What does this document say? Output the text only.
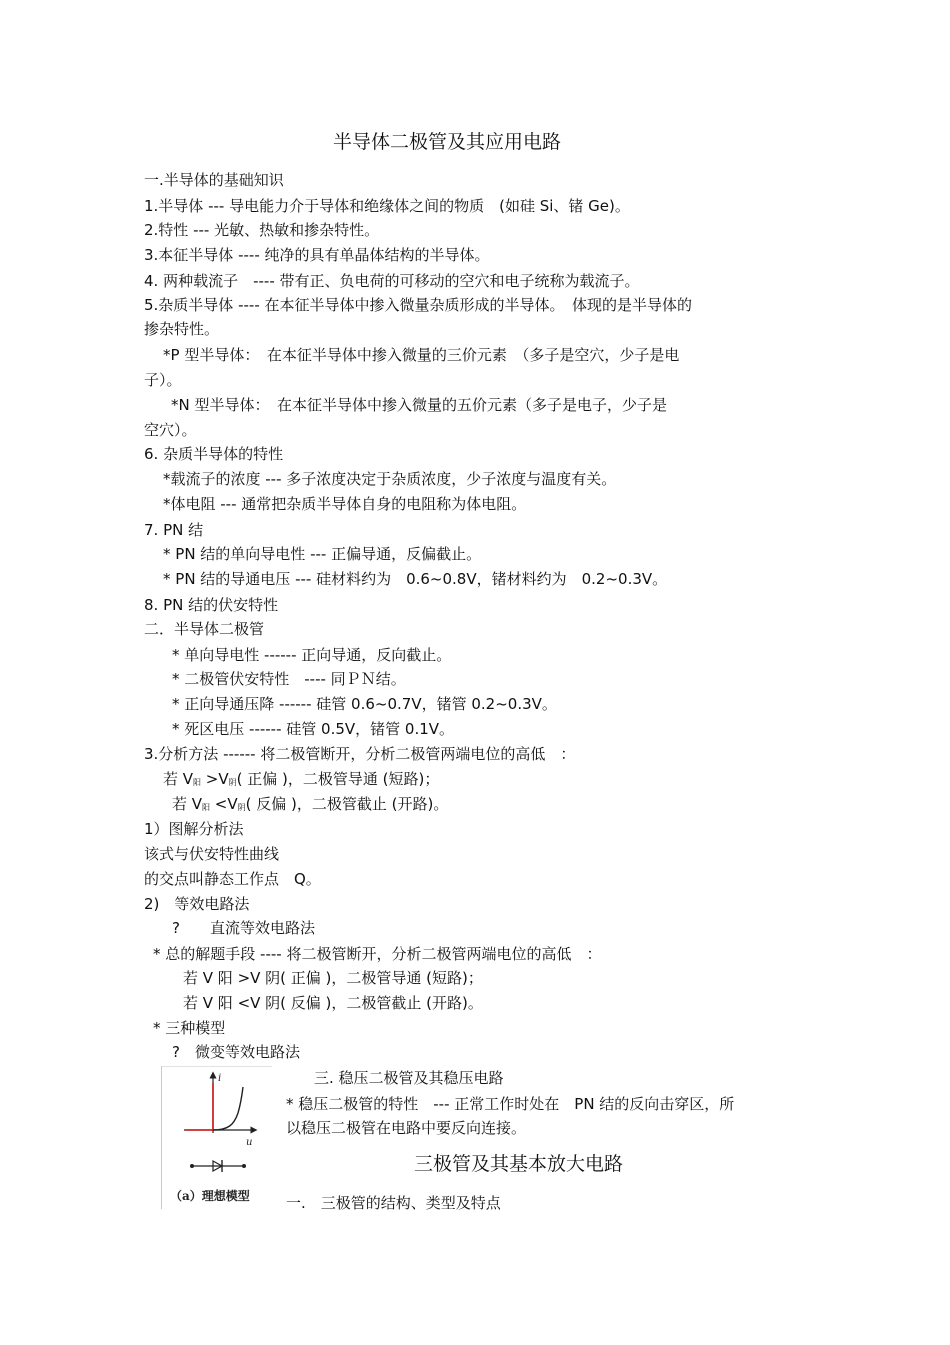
半导体二极管及其应用电路
一.半导体的基础知识
1.半导体 --- 导电能力介于导体和绝缘体之间的物质　(如硅 Si、锗 Ge)。
2.特性 --- 光敏、热敏和掺杂特性。
3.本征半导体 ---- 纯净的具有单晶体结构的半导体。
4. 两种载流子　---- 带有正、负电荷的可移动的空穴和电子统称为载流子。
5.杂质半导体 ---- 在本征半导体中掺入微量杂质形成的半导体。　体现的是半导体的
掺杂特性。
*P 型半导体：　在本征半导体中掺入微量的三价元素　（多子是空穴，少子是电
子）。
*N 型半导体：　在本征半导体中掺入微量的五价元素（多子是电子，少子是
空穴）。
6. 杂质半导体的特性
*载流子的浓度 --- 多子浓度决定于杂质浓度，少子浓度与温度有关。
*体电阻 --- 通常把杂质半导体自身的电阻称为体电阻。
7. PN 结
* PN 结的单向导电性 --- 正偏导通，反偏截止。
* PN 结的导通电压 --- 硅材料约为　0.6~0.8V，锗材料约为　0.2~0.3V。
8. PN 结的伏安特性
二．半导体二极管
* 单向导电性 ------ 正向导通，反向截止。
* 二极管伏安特性　---- 同ＰＮ结。
* 正向导通压降 ------ 硅管 0.6~0.7V，锗管 0.2~0.3V。
* 死区电压 ------ 硅管 0.5V，锗管 0.1V。
3.分析方法 ------ 将二极管断开，分析二极管两端电位的高低　：
若 $V_阳 >V_阴$( 正偏 )，二极管导通 (短路)；
若 $V_阳 <V_阴$( 反偏 )，二极管截止 (开路)。
1）图解分析法
该式与伏安特性曲线
的交点叫静态工作点　Q。
2)　等效电路法
?　　直流等效电路法
* 总的解题手段 ---- 将二极管断开，分析二极管两端电位的高低　：
若 V 阳 >V 阴( 正偏 )，二极管导通 (短路)；
若 V 阳 <V 阴( 反偏 )，二极管截止 (开路)。
* 三种模型
?　微变等效电路法
i
u
（a）理想模型
三. 稳压二极管及其稳压电路
* 稳压二极管的特性　--- 正常工作时处在　PN 结的反向击穿区，所
以稳压二极管在电路中要反向连接。
三极管及其基本放大电路
一.　三极管的结构、类型及特点
